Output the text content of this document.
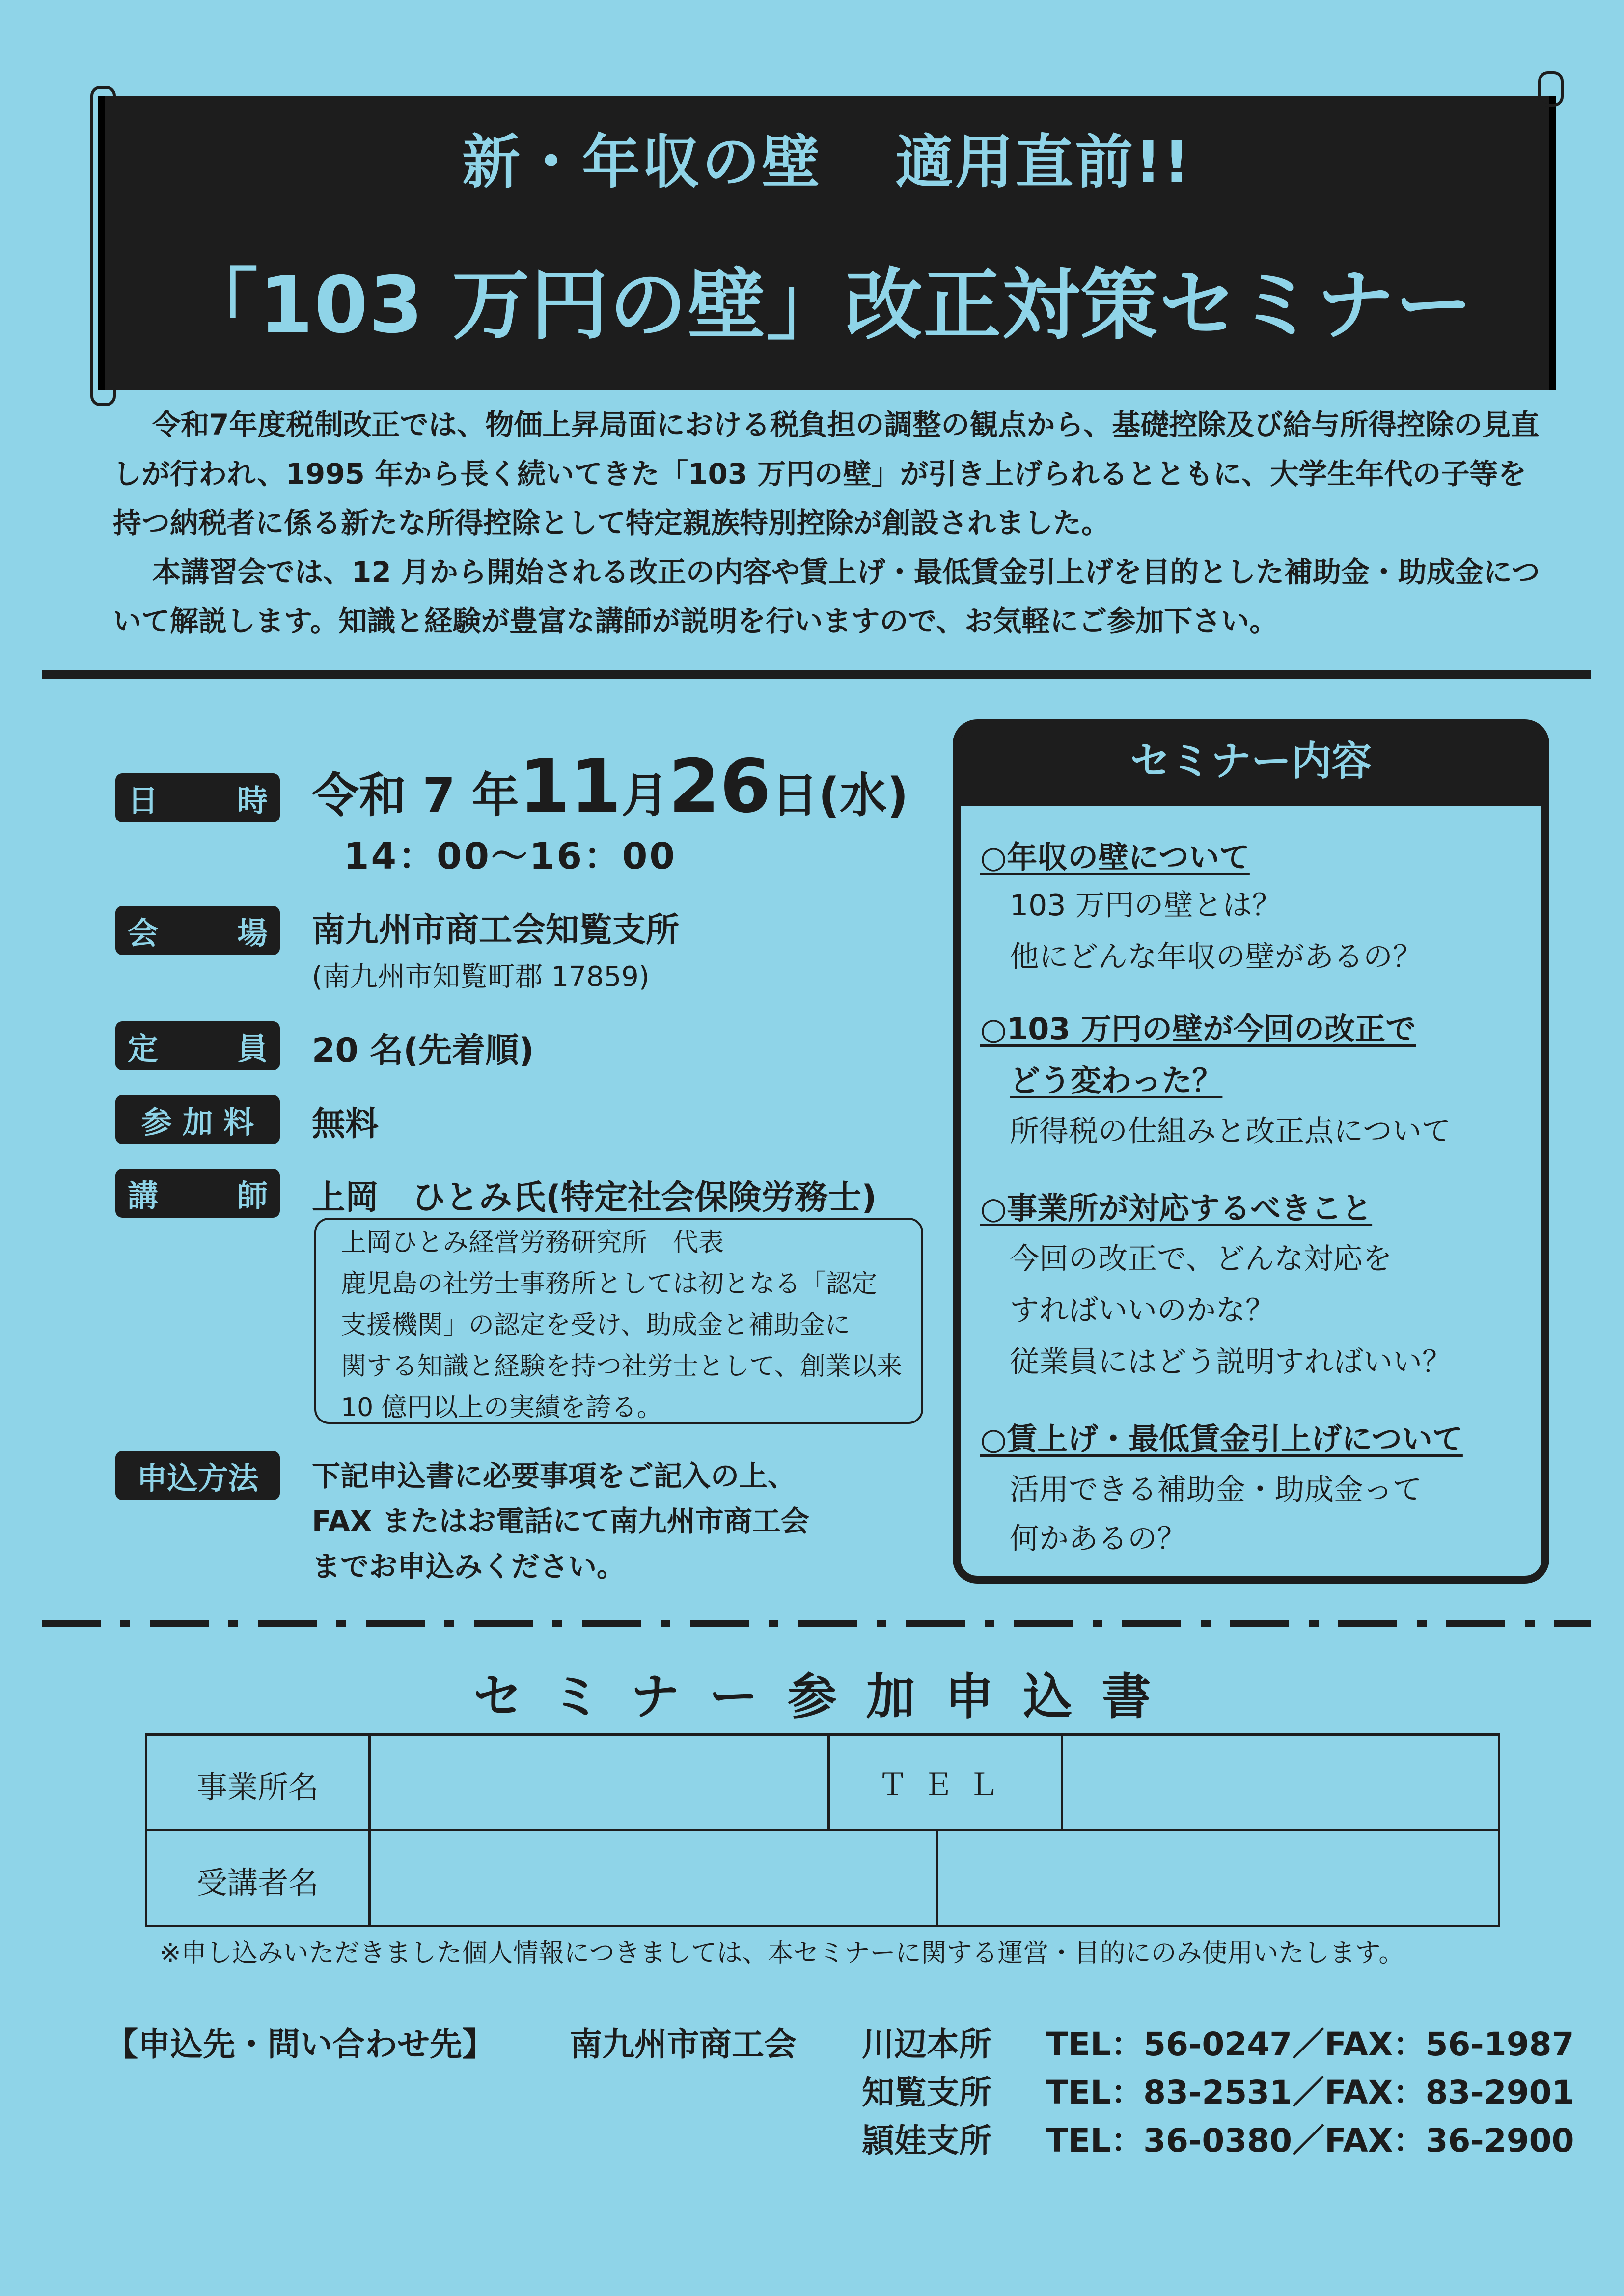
新・年収の壁 適用直前!!
「103 万円の壁」改正対策セミナー

令和7年度税制改正では、物価上昇局面における税負担の調整の観点から、基礎控除及び給与所得控除の見直しが行われ、1995 年から長く続いてきた「103 万円の壁」が引き上げられるとともに、大学生年代の子等を持つ納税者に係る新たな所得控除として特定親族特別控除が創設されました。

本講習会では、12 月から開始される改正の内容や賃上げ・最低賃金引上げを目的とした補助金・助成金について解説します。知識と経験が豊富な講師が説明を行いますので、お気軽にご参加下さい。

日	時 令和 7 年11月26日(水)
14：00～16：00
会	場 南九州市商工会知覧支所
(南九州市知覧町郡 17859)
定	員 20 名(先着順)
参 加 料	無料
講	師 上岡　ひとみ氏(特定社会保険労務士)
上岡ひとみ経営労務研究所　代表
鹿児島の社労士事務所としては初となる「認定
支援機関」の認定を受け、助成金と補助金に
関する知識と経験を持つ社労士として、創業以来
10 億円以上の実績を誇る。
申込方法	下記申込書に必要事項をご記入の上、
FAX またはお電話にて南九州市商工会
までお申込みください。
セミナー内容
○年収の壁について
103 万円の壁とは？
他にどんな年収の壁があるの？
○103 万円の壁が今回の改正で
どう変わった？
所得税の仕組みと改正点について
○事業所が対応するべきこと
今回の改正で、どんな対応を
すればいいのかな？
従業員にはどう説明すればいい？
○賃上げ・最低賃金引上げについて
活用できる補助金・助成金って
何かあるの？
セミナー参加申込書
事業所名	ＴＥＬ
受講者名
※申し込みいただきました個人情報につきましては、本セミナーに関する運営・目的にのみ使用いたします。
【申込先・問い合わせ先】 南九州市商工会 川辺本所 TEL：56-0247／FAX：56-1987
知覧支所 TEL：83-2531／FAX：83-2901
頴娃支所 TEL：36-0380／FAX：36-2900
